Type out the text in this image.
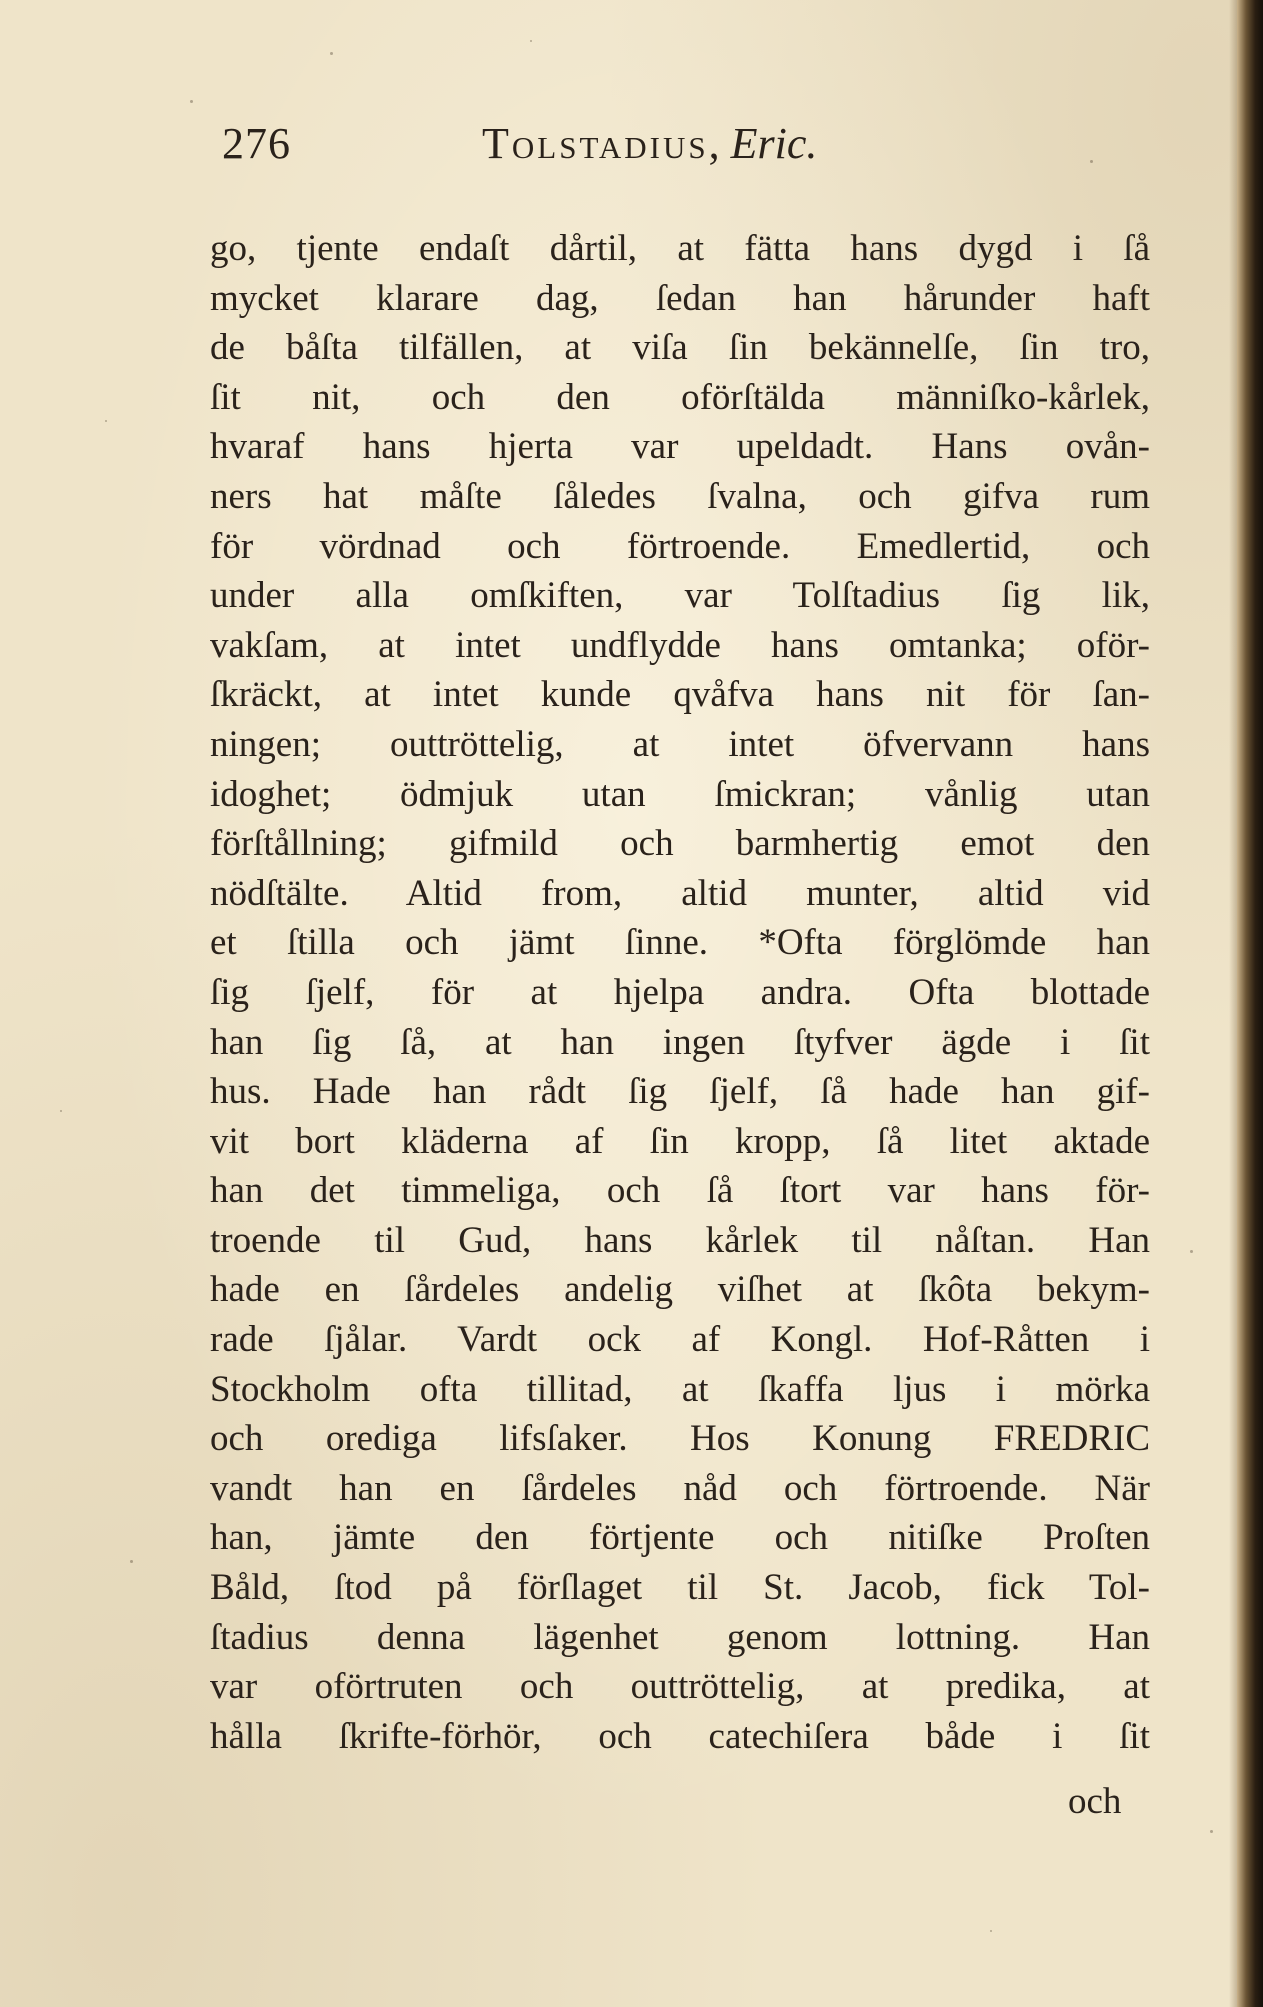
276	Tolstadius, Eric.
go, tjente endaſt dårtil, at fätta hans dygd i ſå
mycket klarare dag, ſedan han hårunder haft
de båſta tilfällen, at viſa ſin bekännelſe, ſin tro,
ſit nit, och den oförſtälda männiſko-kårlek,
hvaraf hans hjerta var upeldadt. Hans ovån-
ners hat måſte ſåledes ſvalna, och gifva rum
för vördnad och förtroende. Emedlertid, och
under alla omſkiften, var Tolſtadius ſig lik,
vakſam, at intet undflydde hans omtanka; oför-
ſkräckt, at intet kunde qvåfva hans nit för ſan-
ningen; outtröttelig, at intet öfvervann hans
idoghet; ödmjuk utan ſmickran; vånlig utan
förſtållning; gifmild och barmhertig emot den
nödſtälte. Altid from, altid munter, altid vid
et ſtilla och jämt ſinne. *Ofta förglömde han
ſig ſjelf, för at hjelpa andra. Ofta blottade
han ſig ſå, at han ingen ſtyfver ägde i ſit
hus. Hade han rådt ſig ſjelf, ſå hade han gif-
vit bort kläderna af ſin kropp, ſå litet aktade
han det timmeliga, och ſå ſtort var hans för-
troende til Gud, hans kårlek til nåſtan. Han
hade en ſårdeles andelig viſhet at ſkôta bekym-
rade ſjålar. Vardt ock af Kongl. Hof-Råtten i
Stockholm ofta tillitad, at ſkaffa ljus i mörka
och orediga lifsſaker. Hos Konung FREDRIC
vandt han en ſårdeles nåd och förtroende. När
han, jämte den förtjente och nitiſke Proſten
Båld, ſtod på förſlaget til St. Jacob, fick Tol-
ſtadius denna lägenhet genom lottning. Han
var oförtruten och outtröttelig, at predika, at
hålla ſkrifte-förhör, och catechiſera både i ſit
och
